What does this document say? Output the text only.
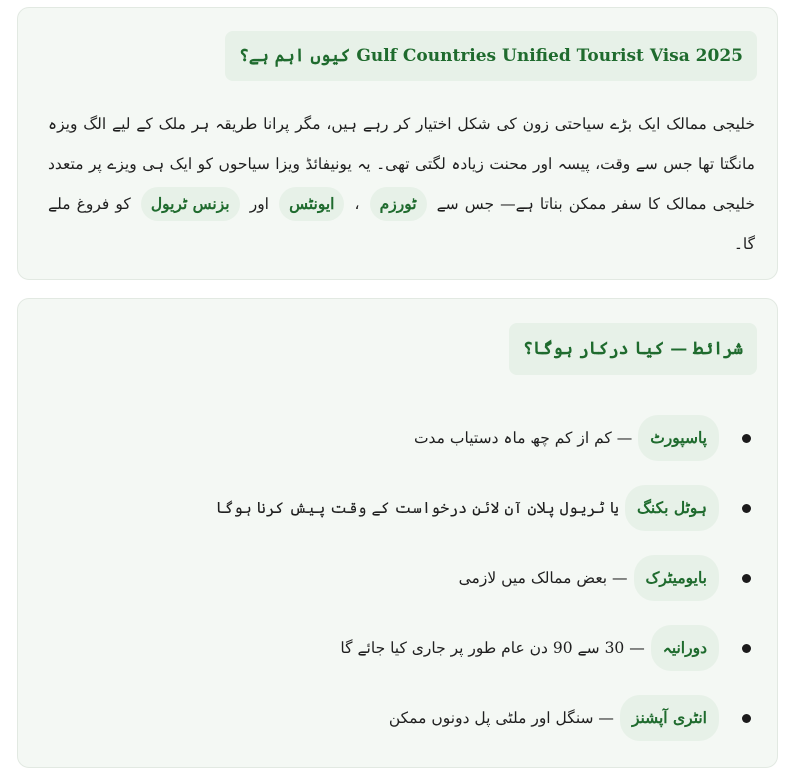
Gulf Countries Unified Tourist Visa 2025 کیوں اہم ہے؟
خلیجی ممالک ایک بڑے سیاحتی زون کی شکل اختیار کر رہے ہیں، مگر پرانا طریقہ ہر ملک کے لیے الگ ویزہ مانگتا تھا جس سے وقت، پیسہ اور محنت زیادہ لگتی تھی۔ یہ یونیفائڈ ویزا سیاحوں کو ایک ہی ویزے پر متعدد خلیجی ممالک کا سفر ممکن بناتا ہے— جس سے ٹورزم ، ایونٹس اور بزنس ٹریول کو فروغ ملے گا۔
شرائط — کیا درکار ہوگا؟
پاسپورٹ— کم از کم چھ ماہ دستیاب مدت
ہوٹل بکنگیا ٹریول پلان آن لائن درخواست کے وقت پیش کرنا ہوگا
بایومیٹرک— بعض ممالک میں لازمی
دورانیہ— 30 سے 90 دن عام طور پر جاری کیا جائے گا
انٹری آپشنز— سنگل اور ملٹی پل دونوں ممکن
